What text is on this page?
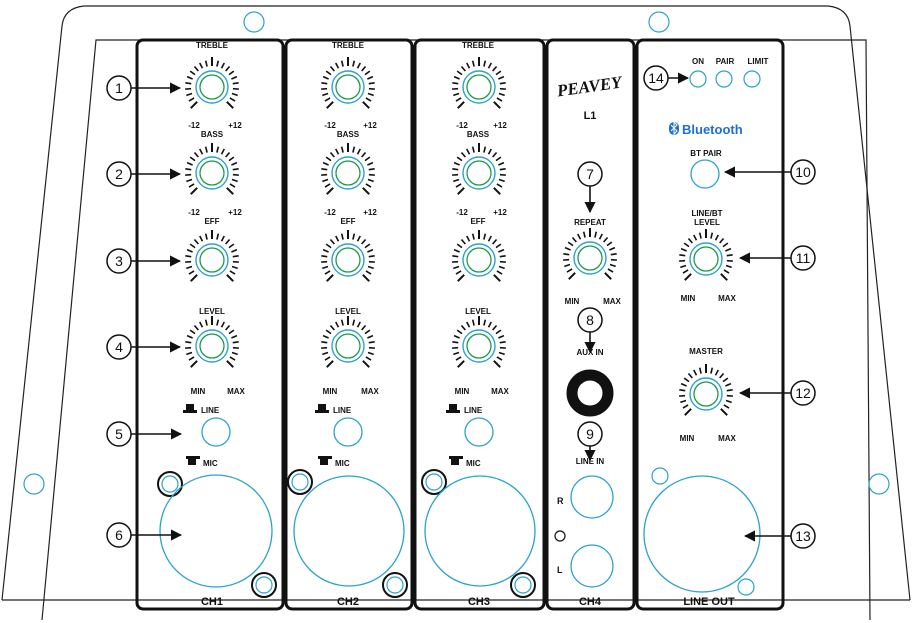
TREBLE
-12	+12
BASS
-12	+12
EFF
LEVEL
MIN	MAX
LINE
MIC
CH1
TREBLE
-12	+12
BASS
-12	+12
EFF
LEVEL
MIN	MAX
LINE
MIC
CH2
TREBLE
-12	+12
BASS
-12	+12
EFF
LEVEL
MIN	MAX
LINE
MIC
CH3
PEAVEY
L1
REPEAT
MIN	MAX
AUX IN
LINE IN
R
L
CH4
ON PAIR LIMIT
Bluetooth
BT PAIR
LINE/BT
LEVEL
MIN	MAX
MASTER
MIN	MAX
LINE OUT
1
2
3
4
5
6
7
8
9
10
11
12
13
14
